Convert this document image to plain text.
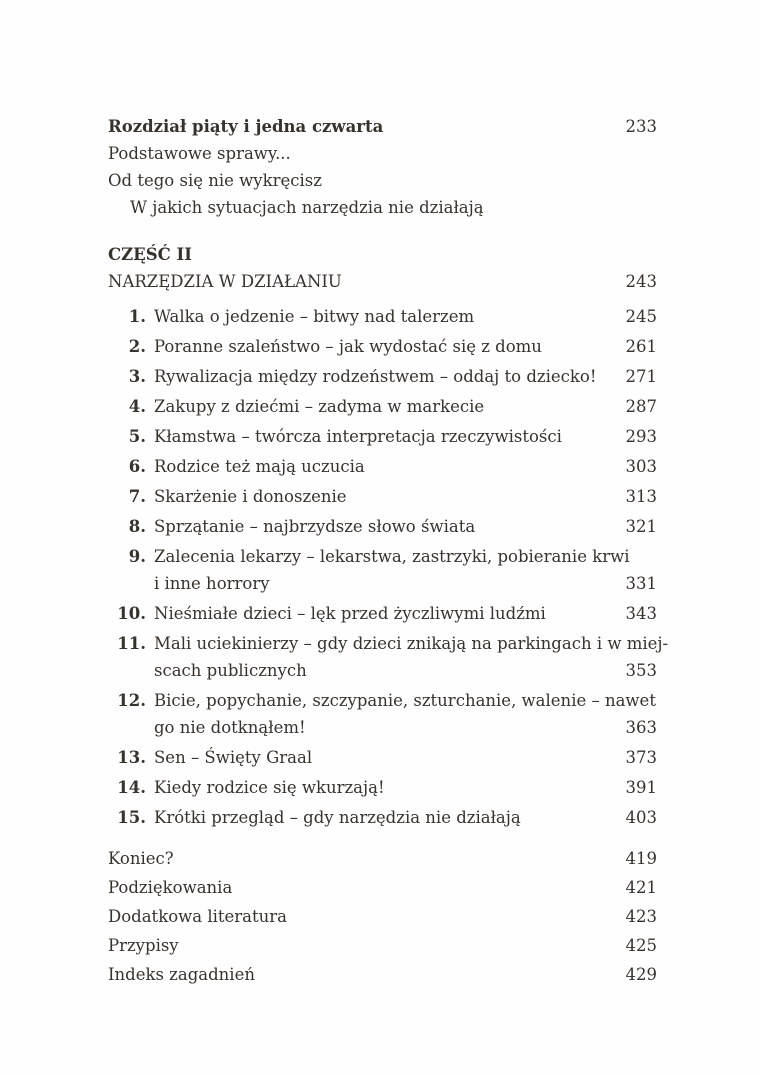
Rozdział piąty i jedna czwarta	233
Podstawowe sprawy...
Od tego się nie wykręcisz
W jakich sytuacjach narzędzia nie działają
CZĘŚĆ II
NARZĘDZIA W DZIAŁANIU	243
1. Walka o jedzenie – bitwy nad talerzem	245
2. Poranne szaleństwo – jak wydostać się z domu	261
3. Rywalizacja między rodzeństwem – oddaj to dziecko!	271
4. Zakupy z dziećmi – zadyma w markecie	287
5. Kłamstwa – twórcza interpretacja rzeczywistości	293
6. Rodzice też mają uczucia	303
7. Skarżenie i donoszenie	313
8. Sprzątanie – najbrzydsze słowo świata	321
9. Zalecenia lekarzy – lekarstwa, zastrzyki, pobieranie krwi
i inne horrory	331
10. Nieśmiałe dzieci – lęk przed życzliwymi ludźmi	343
11. Mali uciekinierzy – gdy dzieci znikają na parkingach i w miej-
scach publicznych	353
12. Bicie, popychanie, szczypanie, szturchanie, walenie – nawet
go nie dotknąłem!	363
13. Sen – Święty Graal	373
14. Kiedy rodzice się wkurzają!	391
15. Krótki przegląd – gdy narzędzia nie działają	403
Koniec?	419
Podziękowania	421
Dodatkowa literatura	423
Przypisy	425
Indeks zagadnień	429
